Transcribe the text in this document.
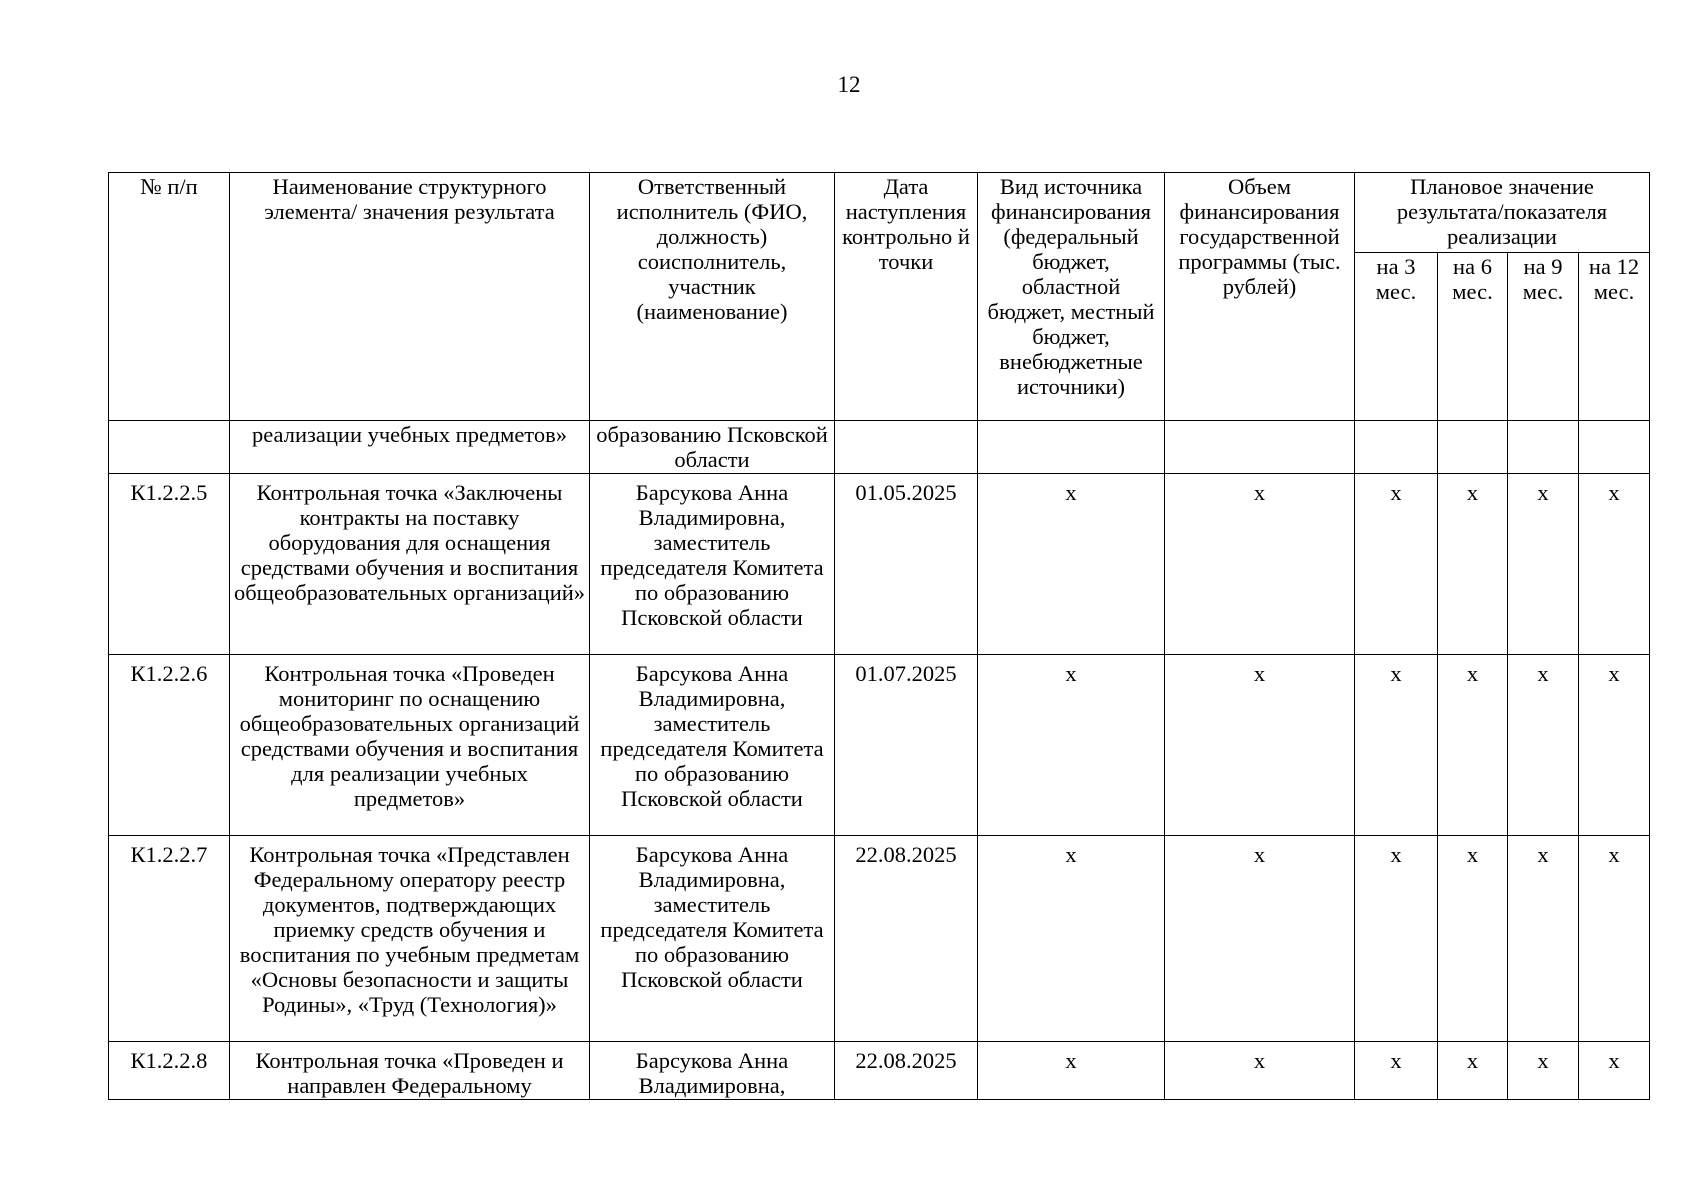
12
№ п/п	Наименование структурного элемента/ значения результата	Ответственный исполнитель (ФИО, должность) соисполнитель, участник (наименование)	Дата наступления контрольно й точки	Вид источника финансирования (федеральный бюджет, областной бюджет, местный бюджет, внебюджетные источники)	Объем финансирования государственной программы (тыс. рублей)	Плановое значение результата/показателя реализации			
						на 3 мес.	на 6 мес.	на 9 мес.	на 12 мес.
	реализации учебных предметов»	образованию Псковской области							
К1.2.2.5	Контрольная точка «Заключены контракты на поставку оборудования для оснащения средствами обучения и воспитания общеобразовательных организаций»	Барсукова Анна Владимировна, заместитель председателя Комитета по образованию Псковской области	01.05.2025	х	х	х	х	х	х
К1.2.2.6	Контрольная точка «Проведен мониторинг по оснащению общеобразовательных организаций средствами обучения и воспитания для реализации учебных предметов»	Барсукова Анна Владимировна, заместитель председателя Комитета по образованию Псковской области	01.07.2025	х	х	х	х	х	х
К1.2.2.7	Контрольная точка «Представлен Федеральному оператору реестр документов, подтверждающих приемку средств обучения и воспитания по учебным предметам «Основы безопасности и защиты Родины», «Труд (Технология)»	Барсукова Анна Владимировна, заместитель председателя Комитета по образованию Псковской области	22.08.2025	х	х	х	х	х	х
К1.2.2.8	Контрольная точка «Проведен и направлен Федеральному	Барсукова Анна Владимировна,	22.08.2025	х	х	х	х	х	х
